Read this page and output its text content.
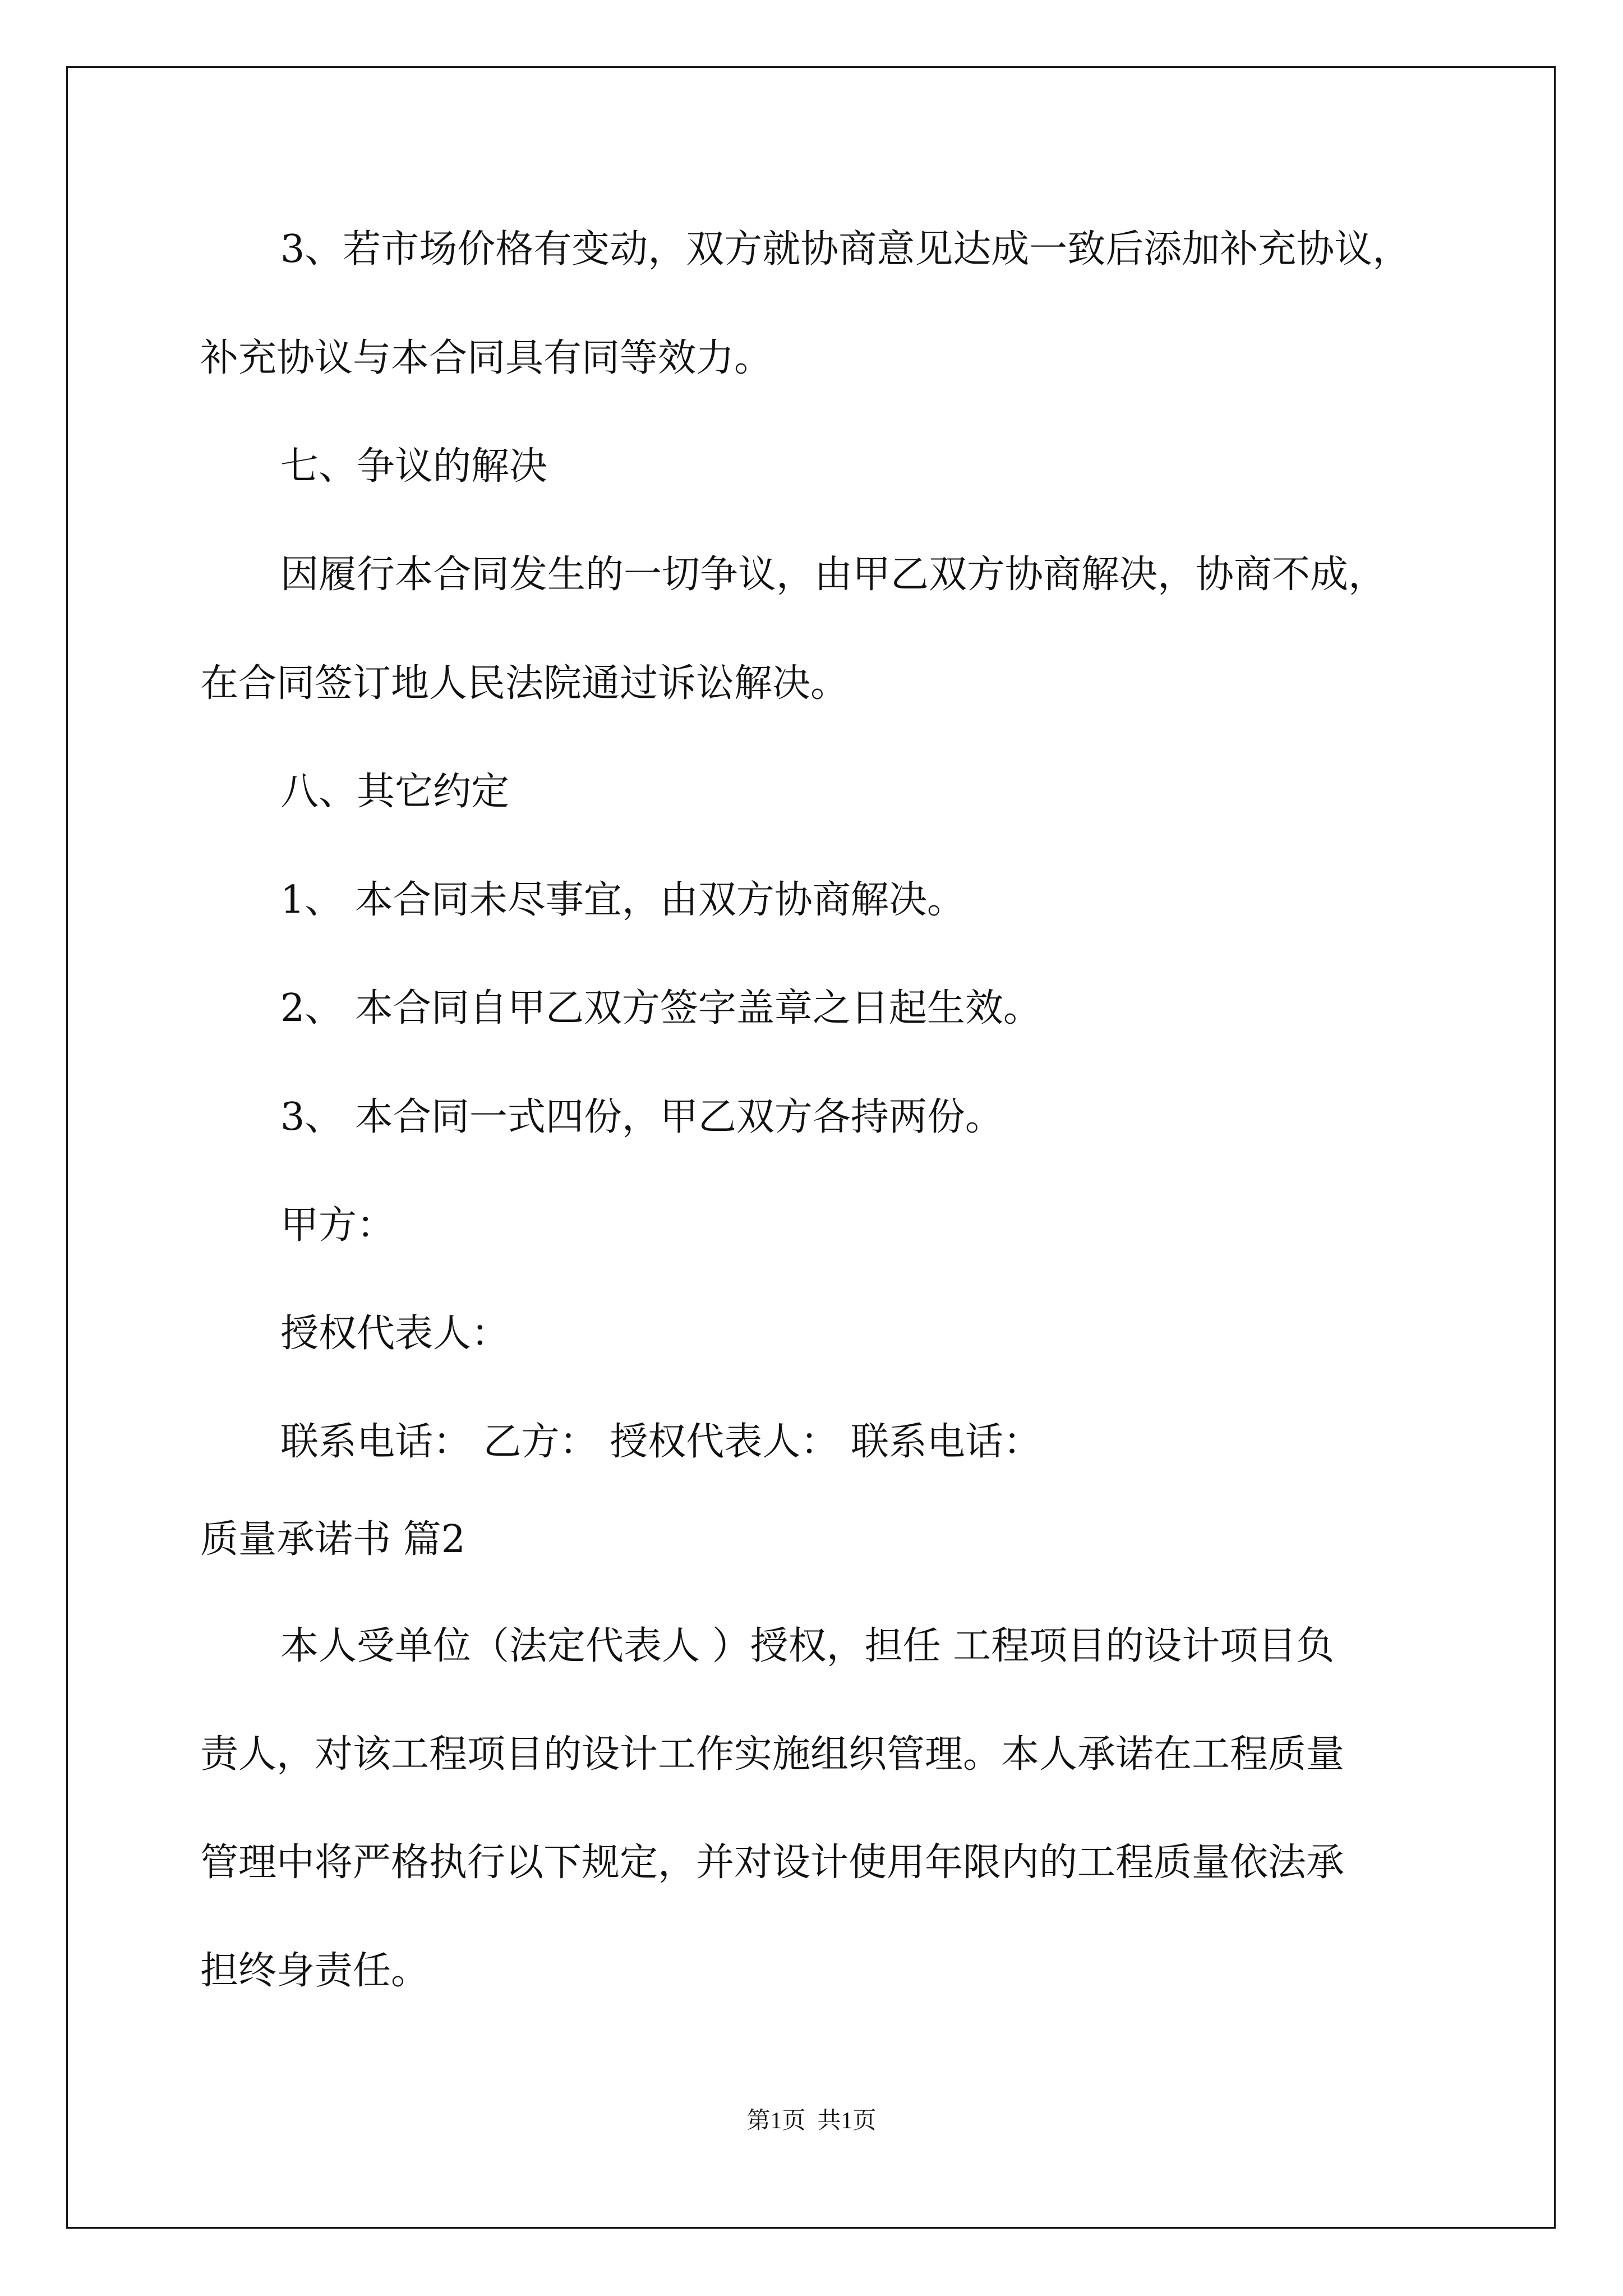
3、若市场价格有变动，双方就协商意见达成一致后添加补充协议，
补充协议与本合同具有同等效力。
七、争议的解决
因履行本合同发生的一切争议，由甲乙双方协商解决，协商不成，
在合同签订地人民法院通过诉讼解决。
八、其它约定
1、 本合同未尽事宜，由双方协商解决。
2、 本合同自甲乙双方签字盖章之日起生效。
3、 本合同一式四份，甲乙双方各持两份。
甲方：
授权代表人：
联系电话： 乙方： 授权代表人： 联系电话：
质量承诺书 篇2
本人受单位（法定代表人 ）授权，担任 工程项目的设计项目负
责人，对该工程项目的设计工作实施组织管理。本人承诺在工程质量
管理中将严格执行以下规定，并对设计使用年限内的工程质量依法承
担终身责任。
第1页  共1页
